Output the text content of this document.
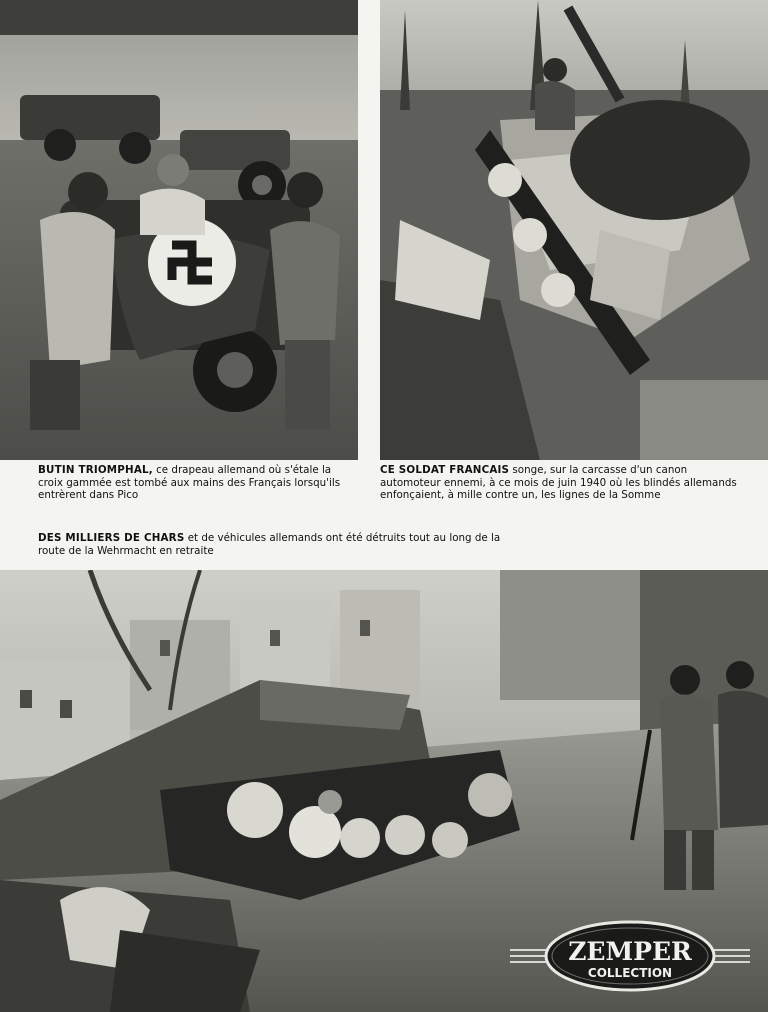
BUTIN TRIOMPHAL, ce drapeau allemand où s'étale la croix gammée est tombé aux mains des Français lorsqu'ils entrèrent dans Pico
CE SOLDAT FRANCAIS songe, sur la carcasse d'un canon automoteur ennemi, à ce mois de juin 1940 où les blindés allemands enfonçaient, à mille contre un, les lignes de la Somme
DES MILLIERS DE CHARS et de véhicules allemands ont été détruits tout au long de la route de la Wehrmacht en retraite
ZEMPER
COLLECTION
